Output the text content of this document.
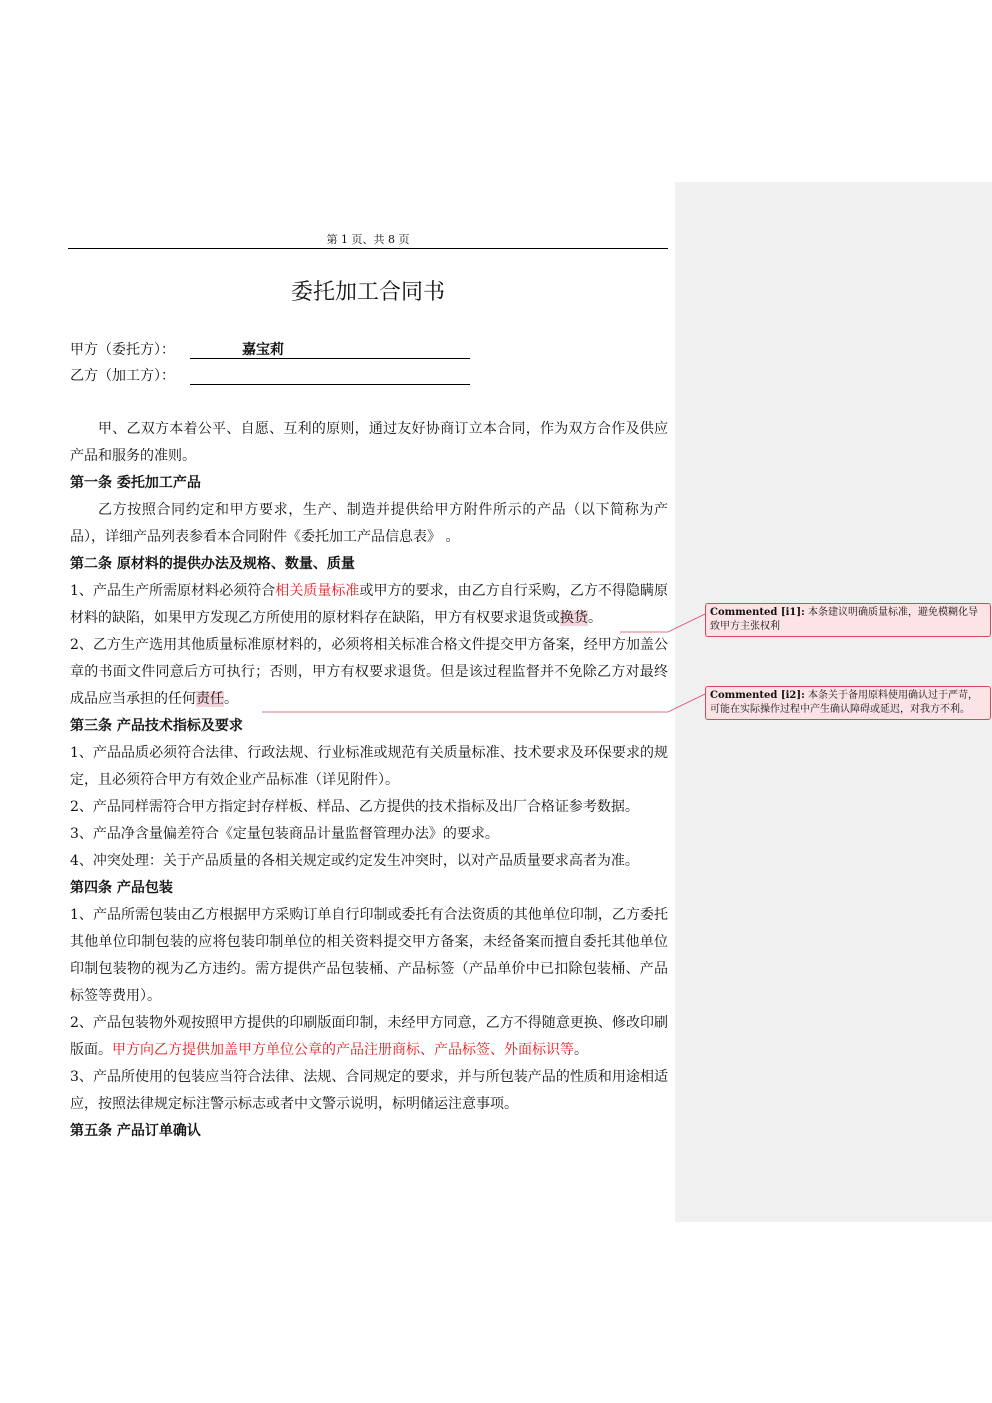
第 1 页、共 8 页
委托加工合同书
甲方（委托方）：	嘉宝莉
乙方（加工方）：

甲、乙双方本着公平、自愿、互利的原则，通过友好协商订立本合同，作为双方合作及供应产品和服务的准则。

第一条 委托加工产品

乙方按照合同约定和甲方要求，生产、制造并提供给甲方附件所示的产品（以下简称为产品），详细产品列表参看本合同附件《委托加工产品信息表》 。

第二条 原材料的提供办法及规格、数量、质量

1、产品生产所需原材料必须符合相关质量标准或甲方的要求，由乙方自行采购，乙方不得隐瞒原材料的缺陷，如果甲方发现乙方所使用的原材料存在缺陷，甲方有权要求退货或换货。

2、乙方生产选用其他质量标准原材料的，必须将相关标准合格文件提交甲方备案，经甲方加盖公章的书面文件同意后方可执行；否则，甲方有权要求退货。但是该过程监督并不免除乙方对最终成品应当承担的任何责任。

第三条 产品技术指标及要求

1、产品品质必须符合法律、行政法规、行业标准或规范有关质量标准、技术要求及环保要求的规定，且必须符合甲方有效企业产品标准（详见附件）。

2、产品同样需符合甲方指定封存样板、样品、乙方提供的技术指标及出厂合格证参考数据。

3、产品净含量偏差符合《定量包装商品计量监督管理办法》的要求。

4、冲突处理：关于产品质量的各相关规定或约定发生冲突时，以对产品质量要求高者为准。

第四条 产品包装

1、产品所需包装由乙方根据甲方采购订单自行印制或委托有合法资质的其他单位印制，乙方委托其他单位印制包装的应将包装印制单位的相关资料提交甲方备案，未经备案而擅自委托其他单位印制包装物的视为乙方违约。需方提供产品包装桶、产品标签（产品单价中已扣除包装桶、产品标签等费用）。

2、产品包装物外观按照甲方提供的印刷版面印制，未经甲方同意，乙方不得随意更换、修改印刷版面。甲方向乙方提供加盖甲方单位公章的产品注册商标、产品标签、外面标识等。

3、产品所使用的包装应当符合法律、法规、合同规定的要求，并与所包装产品的性质和用途相适应，按照法律规定标注警示标志或者中文警示说明，标明储运注意事项。

第五条 产品订单确认

Commented [i1]: 本条建议明确质量标准，避免模糊化导致甲方主张权利
Commented [i2]: 本条关于备用原料使用确认过于严苛，可能在实际操作过程中产生确认障碍或延迟，对我方不利。
